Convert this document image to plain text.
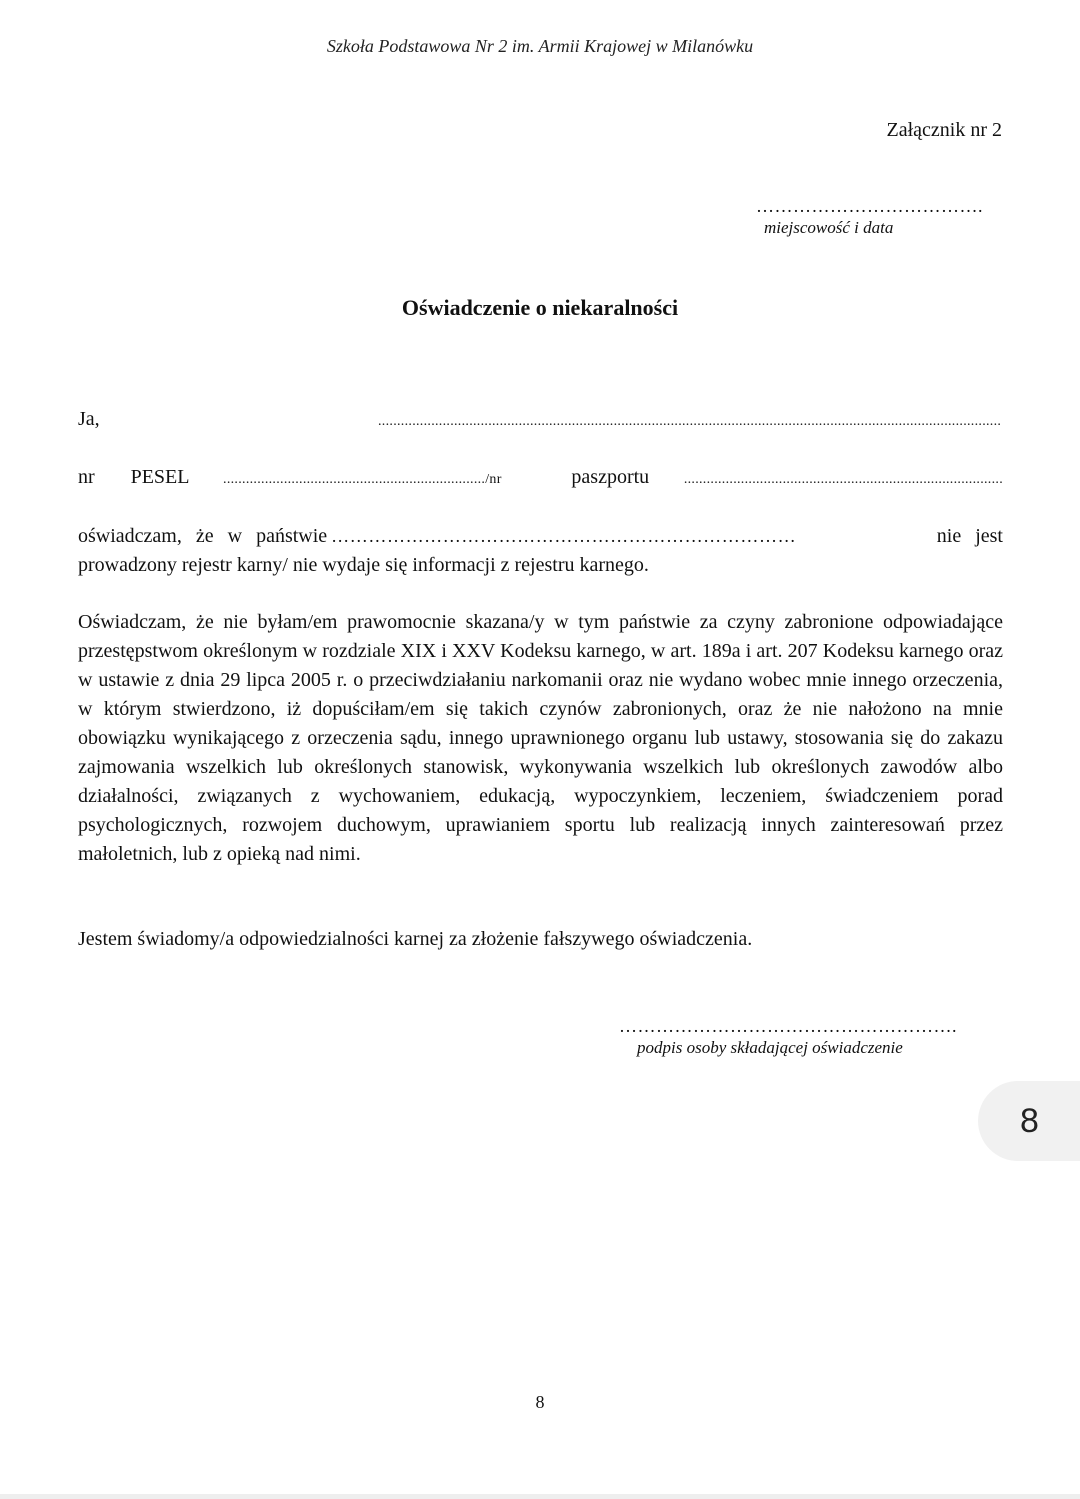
Szkoła Podstawowa Nr 2 im. Armii Krajowej w Milanówku
Załącznik nr 2
……………………………….
miejscowość i data
Oświadczenie o niekaralności
Ja,	....................................................................................................................................................................
nr	PESEL	...................................................................../nr	paszportu	....................................................................................
oświadczam, że w państwie …………………………………………………………………	nie jest
prowadzony rejestr karny/ nie wydaje się informacji z rejestru karnego.
Oświadczam, że nie byłam/em prawomocnie skazana/y w tym państwie za czyny zabronione odpowiadające przestępstwom określonym w rozdziale XIX i XXV Kodeksu karnego, w art. 189a i art. 207 Kodeksu karnego oraz w ustawie z dnia 29 lipca 2005 r. o przeciwdziałaniu narkomanii oraz nie wydano wobec mnie innego orzeczenia, w którym stwierdzono, iż dopuściłam/em się takich czynów zabronionych, oraz że nie nałożono na mnie obowiązku wynikającego z orzeczenia sądu, innego uprawnionego organu lub ustawy, stosowania się do zakazu zajmowania wszelkich lub określonych stanowisk, wykonywania wszelkich lub określonych zawodów albo działalności, związanych z wychowaniem, edukacją, wypoczynkiem, leczeniem, świadczeniem porad psychologicznych, rozwojem duchowym, uprawianiem sportu lub realizacją innych zainteresowań przez małoletnich, lub z opieką nad nimi.
Jestem świadomy/a odpowiedzialności karnej za złożenie fałszywego oświadczenia.
……………………………………………….
podpis osoby składającej oświadczenie
8
8
